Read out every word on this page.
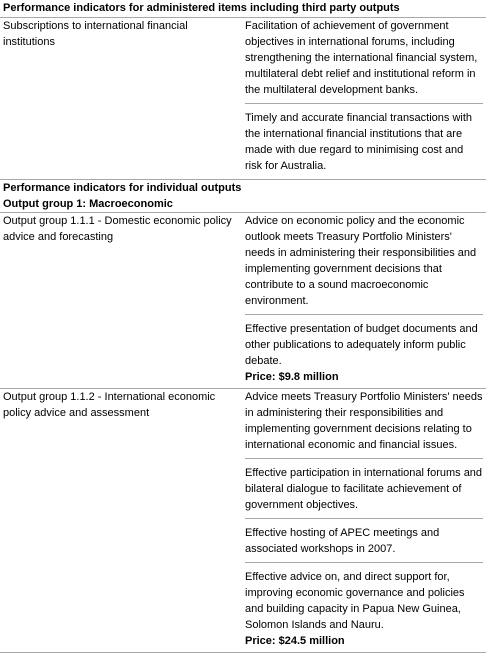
Performance indicators for administered items including third party outputs
Subscriptions to international financial institutions

Facilitation of achievement of government objectives in international forums, including strengthening the international financial system, multilateral debt relief and institutional reform in the multilateral development banks.

Timely and accurate financial transactions with the international financial institutions that are made with due regard to minimising cost and risk for Australia.

Performance indicators for individual outputs
Output group 1: Macroeconomic
Output group 1.1.1 - Domestic economic policy advice and forecasting

Advice on economic policy and the economic outlook meets Treasury Portfolio Ministers' needs in administering their responsibilities and implementing government decisions that contribute to a sound macroeconomic environment.

Effective presentation of budget documents and other publications to adequately inform public debate.

Price: $9.8 million

Output group 1.1.2 - International economic policy advice and assessment

Advice meets Treasury Portfolio Ministers' needs in administering their responsibilities and implementing government decisions relating to international economic and financial issues.

Effective participation in international forums and bilateral dialogue to facilitate achievement of government objectives.

Effective hosting of APEC meetings and associated workshops in 2007.

Effective advice on, and direct support for, improving economic governance and policies and building capacity in Papua New Guinea, Solomon Islands and Nauru.

Price: $24.5 million
